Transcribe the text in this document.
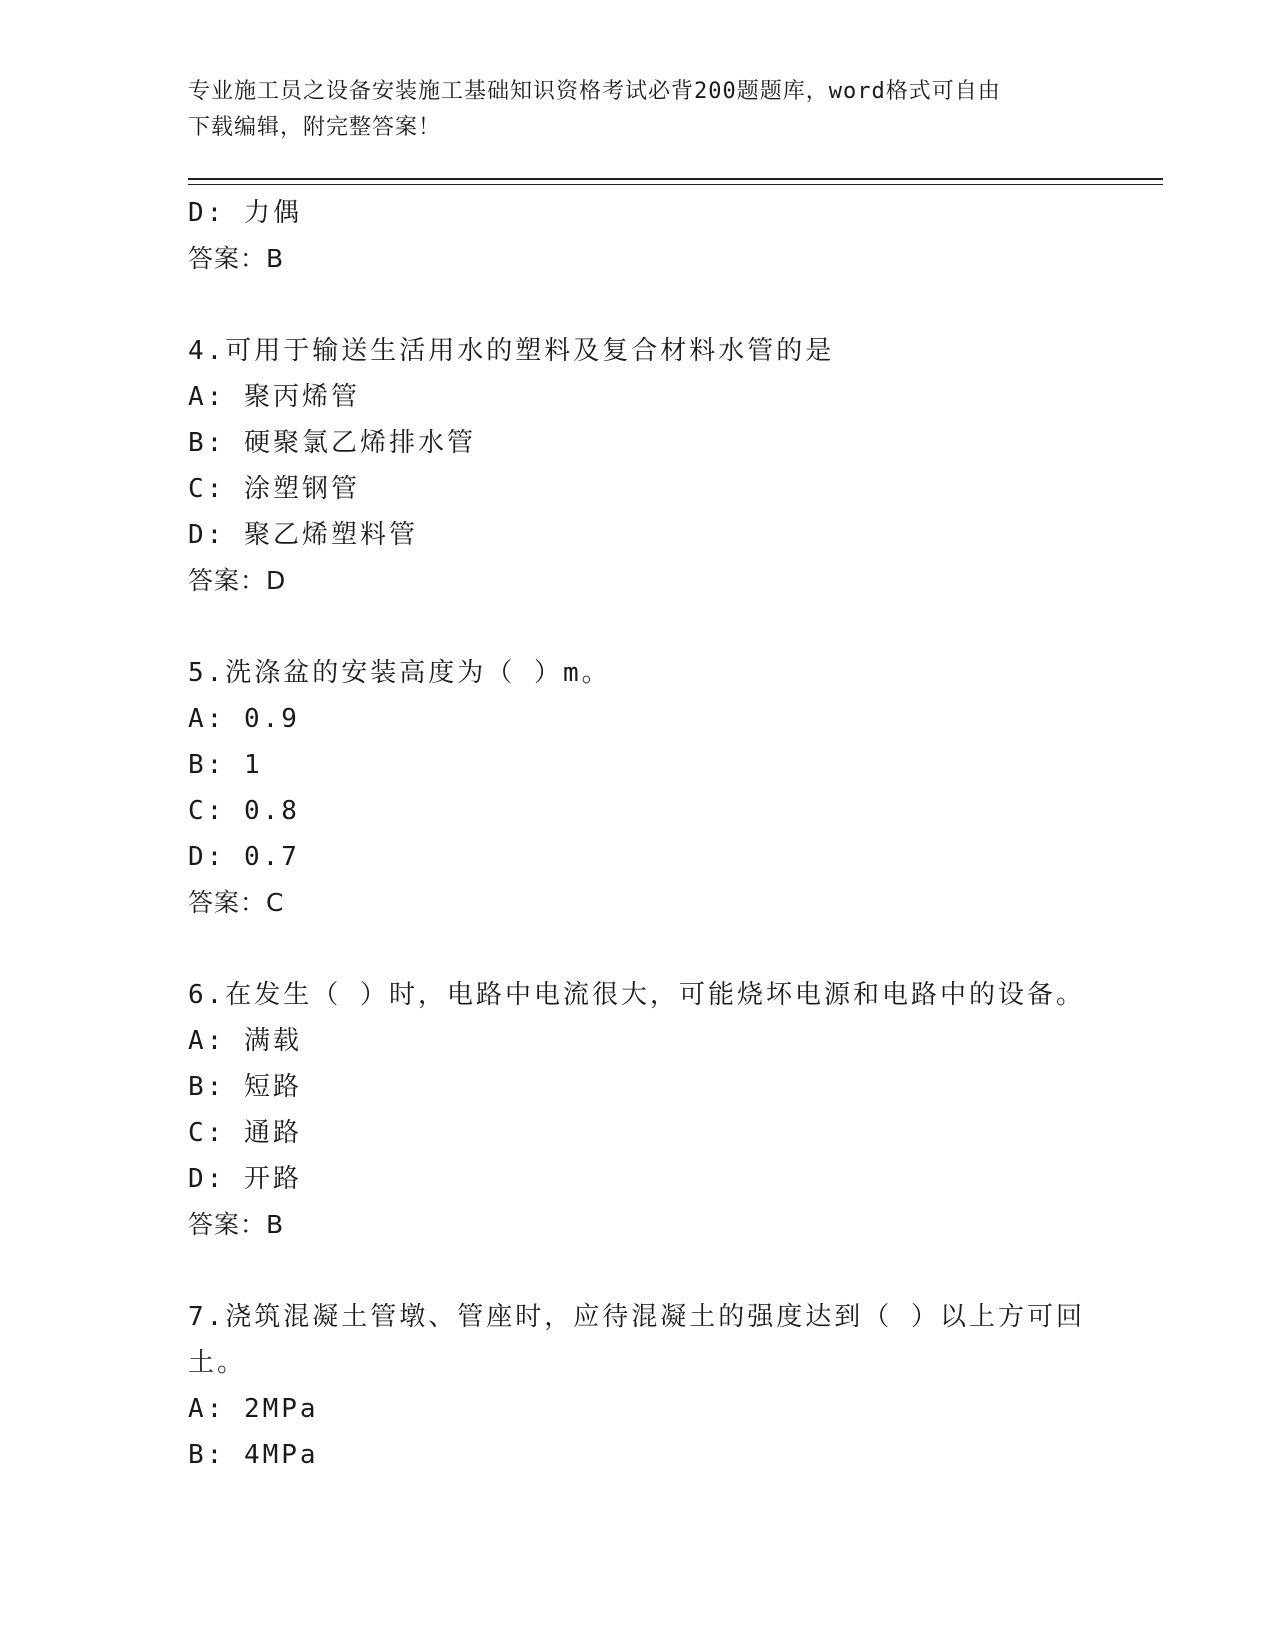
专业施工员之设备安装施工基础知识资格考试必背200题题库，word格式可自由
下载编辑，附完整答案！
D: 力偶
答案：B
4.可用于输送生活用水的塑料及复合材料水管的是
A: 聚丙烯管
B: 硬聚氯乙烯排水管
C: 涂塑钢管
D: 聚乙烯塑料管
答案：D
5.洗涤盆的安装高度为（ ）m。
A: 0.9
B: 1
C: 0.8
D: 0.7
答案：C
6.在发生（ ）时，电路中电流很大，可能烧坏电源和电路中的设备。
A: 满载
B: 短路
C: 通路
D: 开路
答案：B
7.浇筑混凝土管墩、管座时，应待混凝土的强度达到（ ）以上方可回
土。
A: 2MPa
B: 4MPa
